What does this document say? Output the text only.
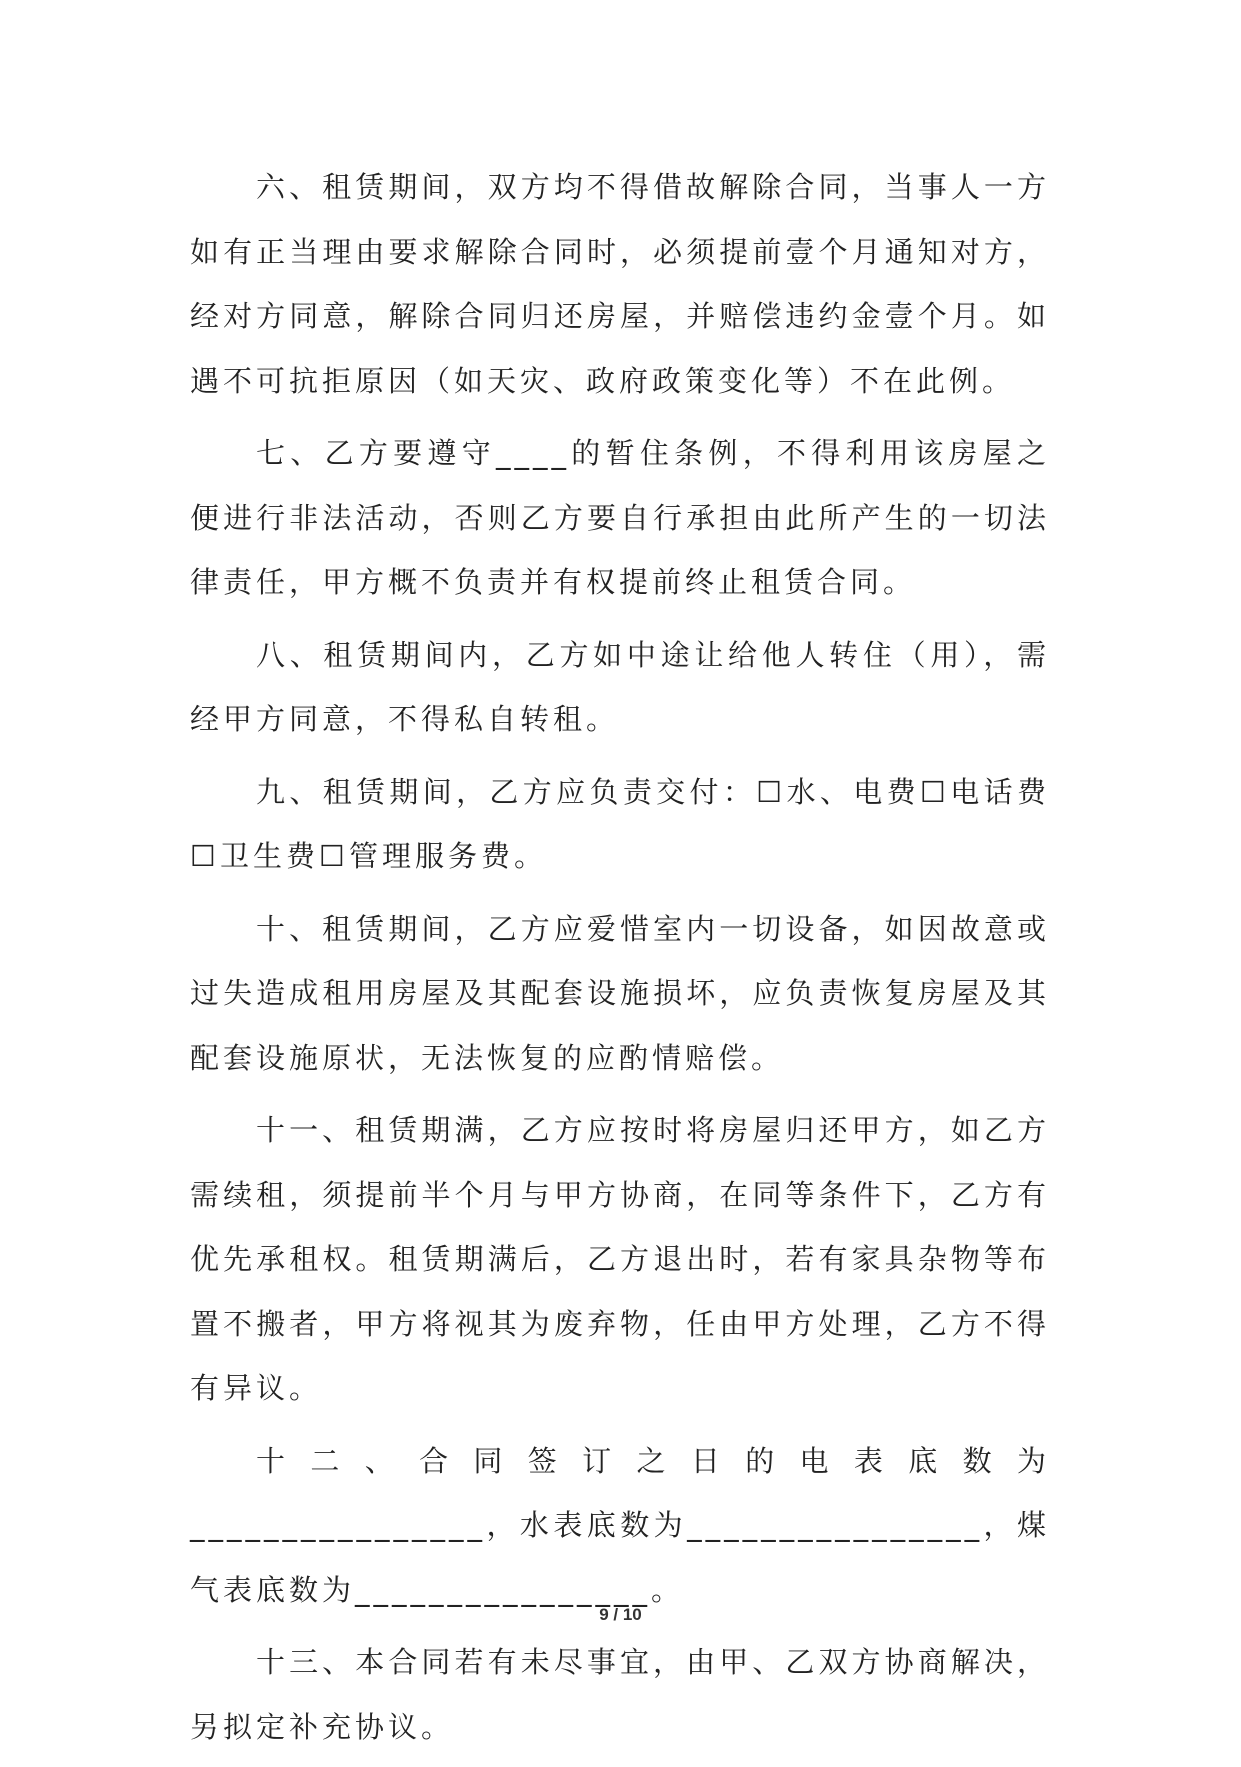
六、租赁期间，双方均不得借故解除合同，当事人一方如有正当理由要求解除合同时，必须提前壹个月通知对方，经对方同意，解除合同归还房屋，并赔偿违约金壹个月。如遇不可抗拒原因（如天灾、政府政策变化等）不在此例。

七、乙方要遵守____的暂住条例，不得利用该房屋之便进行非法活动，否则乙方要自行承担由此所产生的一切法律责任，甲方概不负责并有权提前终止租赁合同。

八、租赁期间内，乙方如中途让给他人转住（用），需经甲方同意，不得私自转租。

九、租赁期间，乙方应负责交付：☐水、电费☐电话费☐卫生费☐管理服务费。

十、租赁期间，乙方应爱惜室内一切设备，如因故意或过失造成租用房屋及其配套设施损坏，应负责恢复房屋及其配套设施原状，无法恢复的应酌情赔偿。

十一、租赁期满，乙方应按时将房屋归还甲方，如乙方需续租，须提前半个月与甲方协商，在同等条件下，乙方有优先承租权。租赁期满后，乙方退出时，若有家具杂物等布置不搬者，甲方将视其为废弃物，任由甲方处理，乙方不得有异议。

十二、合同签订之日的电表底数为________________，水表底数为________________，煤气表底数为________________。

十三、本合同若有未尽事宜，由甲、乙双方协商解决，另拟定补充协议。

9 / 10
